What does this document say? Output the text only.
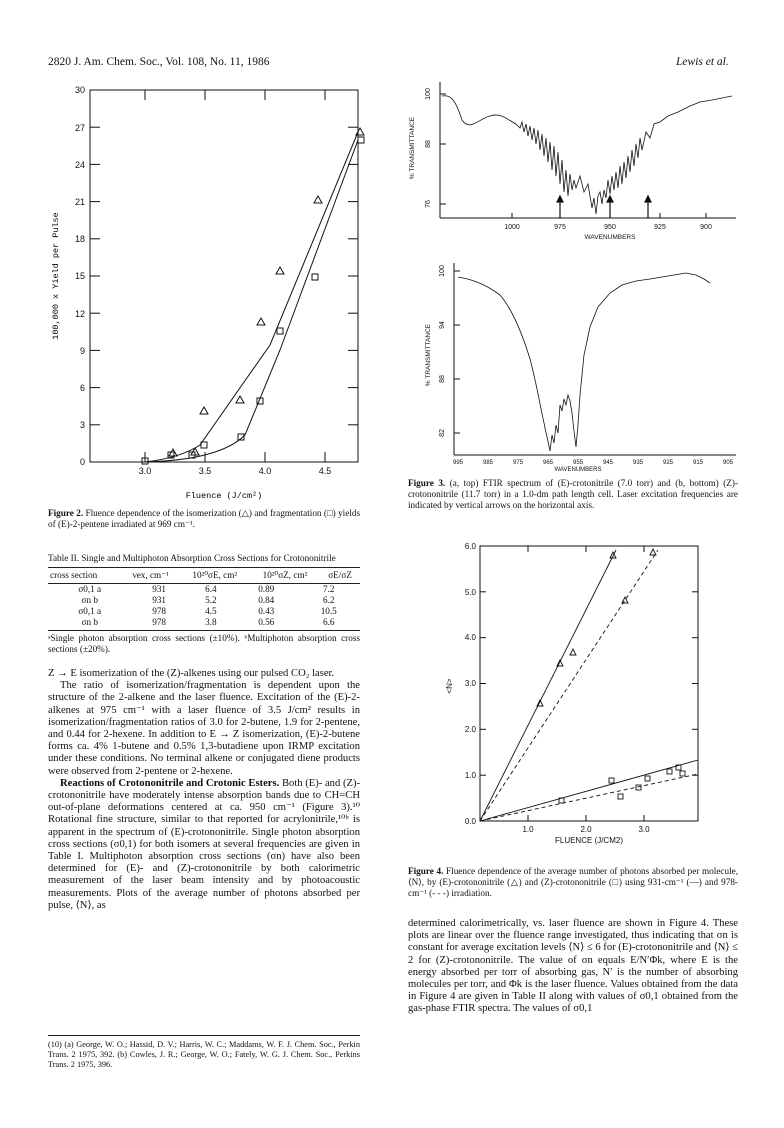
2820 J. Am. Chem. Soc., Vol. 108, No. 11, 1986	Lewis et al.
0
3
6
9
12
15
18
21
24
27
30
3.0	3.5	4.0	4.5
Fluence (J/cm²)
100,000 x Yield per Pulse
Figure 2. Fluence dependence of the isomerization (△) and fragmentation (□) yields of (E)-2-pentene irradiated at 969 cm⁻¹.
Table II. Single and Multiphoton Absorption Cross Sections for Crotononitrile
cross section	νex, cm⁻¹	10²⁰σE, cm²	10²⁰σZ, cm²	σE/σZ
σ0,1 a	931	6.4	0.89	7.2
σn b	931	5.2	0.84	6.2
σ0,1 a	978	4.5	0.43	10.5
σn b	978	3.8	0.56	6.6
ᵃSingle photon absorption cross sections (±10%). ᵇMultiphoton absorption cross sections (±20%).

Z → E isomerization of the (Z)-alkenes using our pulsed CO₂ laser.

The ratio of isomerization/fragmentation is dependent upon the structure of the 2-alkene and the laser fluence. Excitation of the (E)-2-alkenes at 975 cm⁻¹ with a laser fluence of 3.5 J/cm² results in isomerization/fragmentation ratios of 3.0 for 2-butene, 1.9 for 2-pentene, and 0.44 for 2-hexene. In addition to E → Z isomerization, (E)-2-butene forms ca. 4% 1-butene and 0.5% 1,3-butadiene upon IRMP excitation under these conditions. No terminal alkene or conjugated diene products were observed from 2-pentene or 2-hexene.

Reactions of Crotononitrile and Crotonic Esters. Both (E)- and (Z)-crotononitrile have moderately intense absorption bands due to CH=CH out-of-plane deformations centered at ca. 950 cm⁻¹ (Figure 3).¹⁰ Rotational fine structure, similar to that reported for acrylonitrile,¹⁰ᵇ is apparent in the spectrum of (E)-crotononitrile. Single photon absorption cross sections (σ0,1) for both isomers at several frequencies are given in Table I. Multiphoton absorption cross sections (σn) have also been determined for (E)- and (Z)-crotononitrile by both calorimetric measurement of the laser beam intensity and by photoacoustic measurements. Plots of the average number of photons absorbed per pulse, ⟨N⟩, as

(10) (a) George, W. O.; Hassid, D. V.; Harris, W. C.; Maddams, W. F. J. Chem. Soc., Perkin Trans. 2 1975, 392. (b) Cowles, J. R.; George, W. O.; Fately, W. G. J. Chem. Soc., Perkins Trans. 2 1975, 396.
100
88
76
% TRANSMITTANCE
1000	975	950	925	900
WAVENUMBERS
100
94
88
82
% TRANSMITTANCE
995	985	975	965	955	945	935	925	915	905
WAVENUMBERS
Figure 3. (a, top) FTIR spectrum of (E)-crotonitrile (7.0 torr) and (b, bottom) (Z)-crotononitrile (11.7 torr) in a 1.0-dm path length cell. Laser excitation frequencies are indicated by vertical arrows on the horizontal axis.
0.0
1.0
2.0
3.0
4.0
5.0
6.0
1.0	2.0	3.0
FLUENCE (J/CM2)
<N>
Figure 4. Fluence dependence of the average number of photons absorbed per molecule, ⟨N⟩, by (E)-crotononitrile (△) and (Z)-crotononitrile (□) using 931-cm⁻¹ (—) and 978-cm⁻¹ (- - -) irradiation.
determined calorimetrically, vs. laser fluence are shown in Figure 4. These plots are linear over the fluence range investigated, thus indicating that σn is constant for average excitation levels ⟨N⟩ ≤ 6 for (E)-crotononitrile and ⟨N⟩ ≤ 2 for (Z)-crotononitrile. The value of σn equals E/N′Φk, where E is the energy absorbed per torr of absorbing gas, N′ is the number of absorbing molecules per torr, and Φk is the laser fluence. Values obtained from the data in Figure 4 are given in Table II along with values of σ0,1 obtained from the gas-phase FTIR spectra. The values of σ0,1
